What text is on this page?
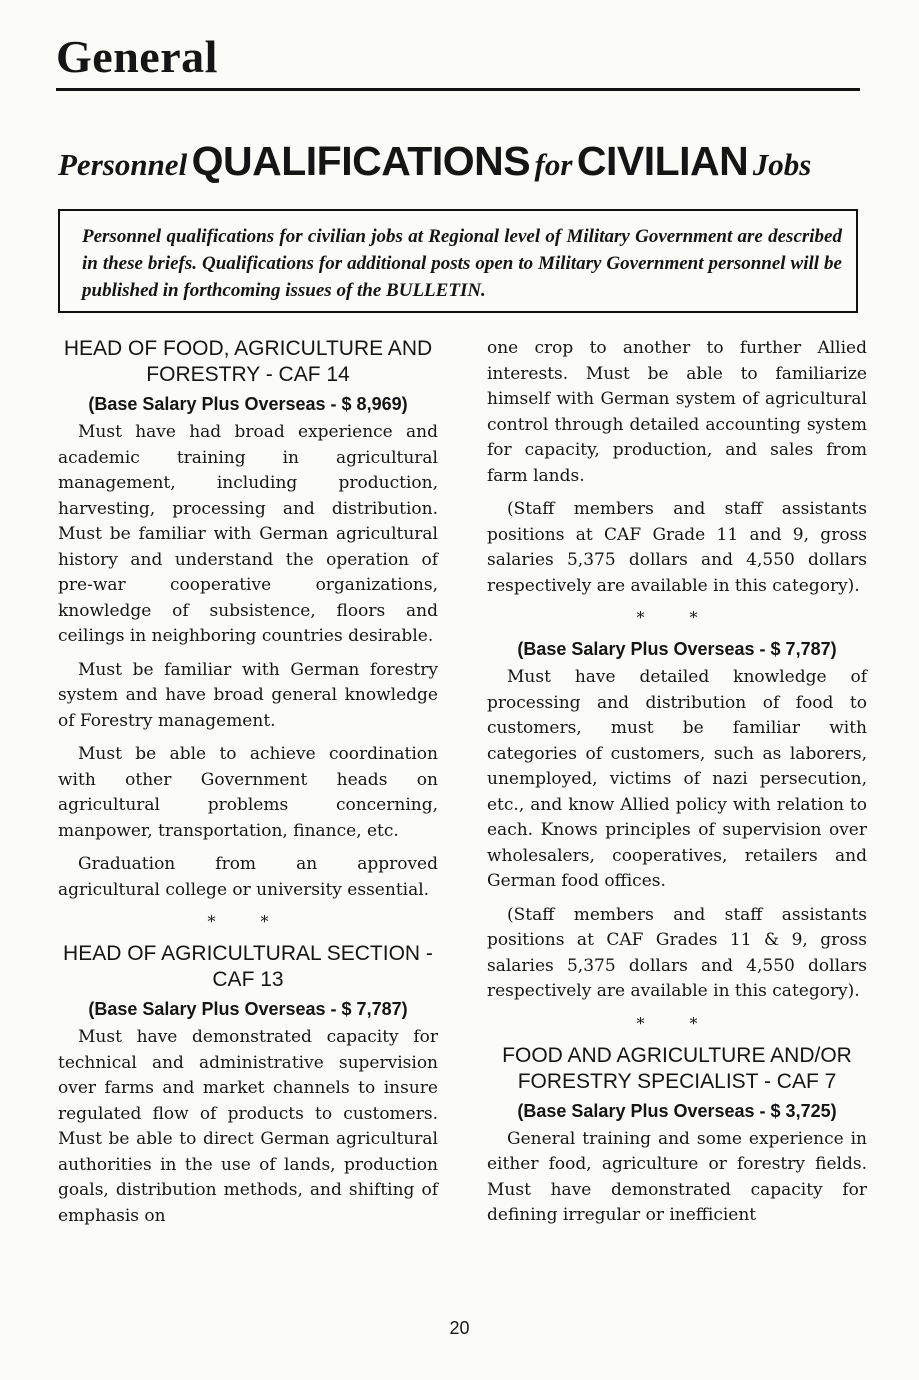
General
Personnel QUALIFICATIONS for CIVILIAN Jobs
Personnel qualifications for civilian jobs at Regional level of Military Government are described in these briefs. Qualifications for additional posts open to Military Government personnel will be published in forthcoming issues of the BULLETIN.
HEAD OF FOOD, AGRICULTURE AND FORESTRY - CAF 14
(Base Salary Plus Overseas - $ 8,969)

Must have had broad experience and academic training in agricultural management, including production, harvesting, processing and distribution. Must be familiar with German agricultural history and understand the operation of pre-war cooperative organizations, knowledge of subsistence, floors and ceilings in neighboring countries desirable.

Must be familiar with German forestry system and have broad general knowledge of Forestry management.

Must be able to achieve coordination with other Government heads on agricultural problems concerning, manpower, transportation, finance, etc.

Graduation from an approved agricultural college or university essential.

* *
HEAD OF AGRICULTURAL SECTION - CAF 13
(Base Salary Plus Overseas - $ 7,787)

Must have demonstrated capacity for technical and administrative supervision over farms and market channels to insure regulated flow of products to customers. Must be able to direct German agricultural authorities in the use of lands, production goals, distribution methods, and shifting of emphasis on

one crop to another to further Allied interests. Must be able to familiarize himself with German system of agricultural control through detailed accounting system for capacity, production, and sales from farm lands.

(Staff members and staff assistants positions at CAF Grade 11 and 9, gross salaries 5,375 dollars and 4,550 dollars respectively are available in this category).

* *
(Base Salary Plus Overseas - $ 7,787)

Must have detailed knowledge of processing and distribution of food to customers, must be familiar with categories of customers, such as laborers, unemployed, victims of nazi persecution, etc., and know Allied policy with relation to each. Knows principles of supervision over wholesalers, cooperatives, retailers and German food offices.

(Staff members and staff assistants positions at CAF Grades 11 & 9, gross salaries 5,375 dollars and 4,550 dollars respectively are available in this category).

* *
FOOD AND AGRICULTURE AND/OR FORESTRY SPECIALIST - CAF 7
(Base Salary Plus Overseas - $ 3,725)

General training and some experience in either food, agriculture or forestry fields. Must have demonstrated capacity for defining irregular or inefficient

20
